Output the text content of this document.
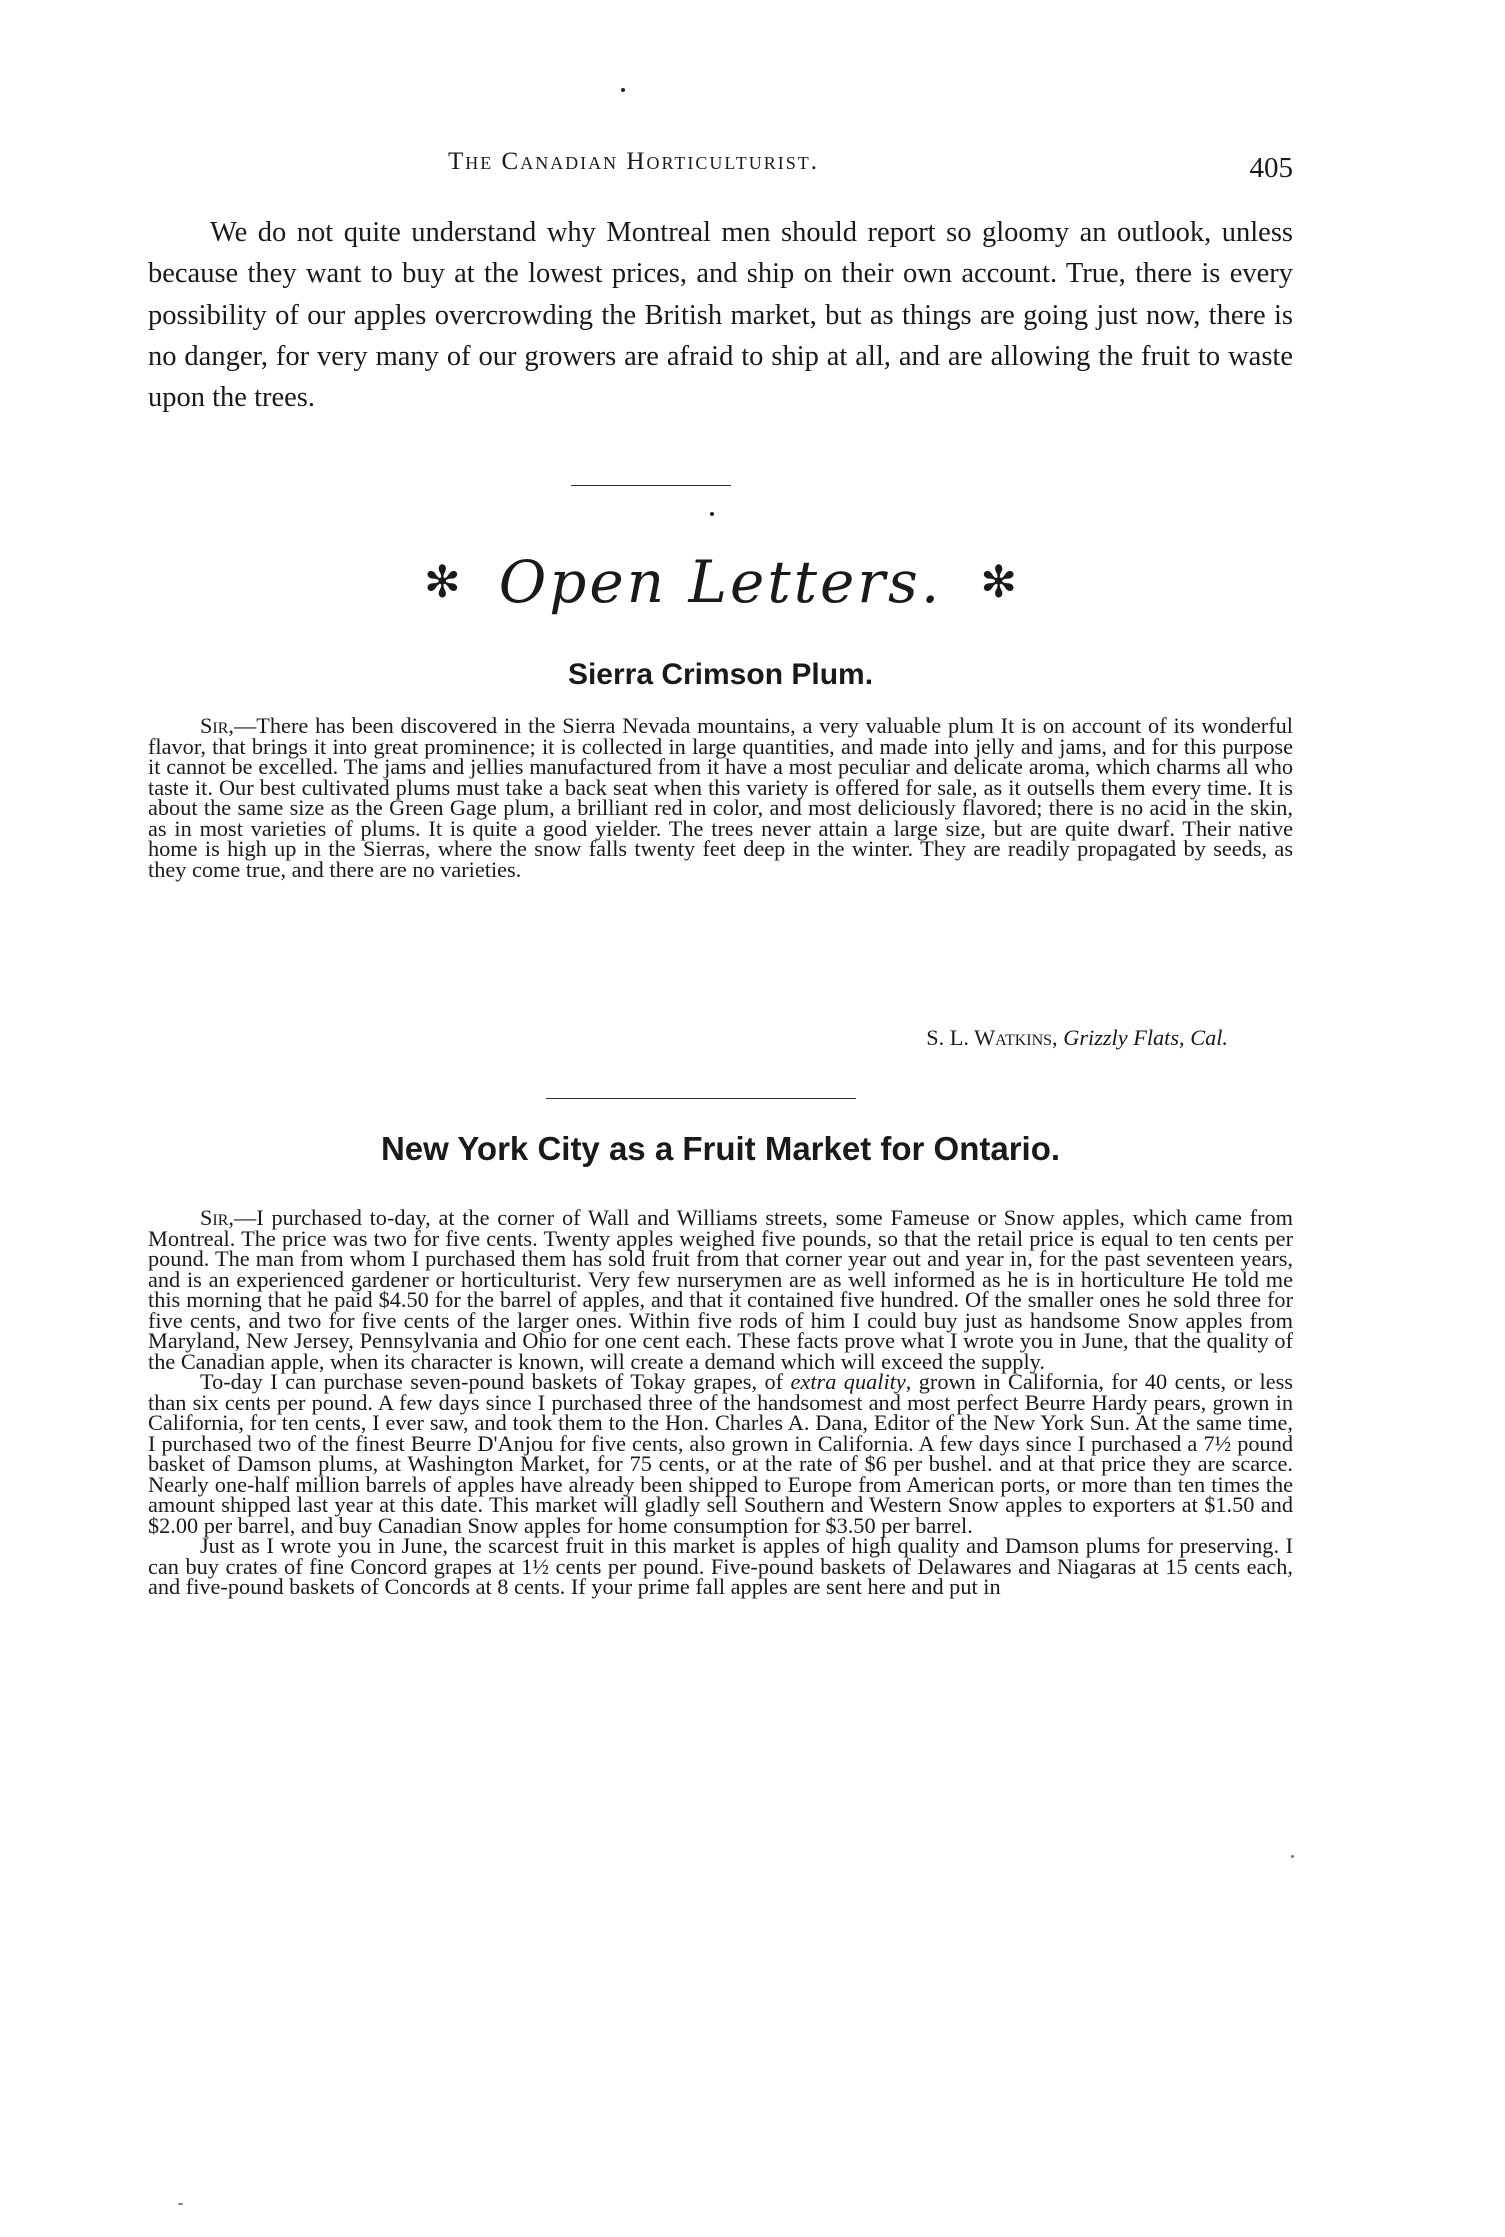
The Canadian Horticulturist.	405

We do not quite understand why Montreal men should report so gloomy an outlook, unless because they want to buy at the lowest prices, and ship on their own account. True, there is every possibility of our apples overcrowding the British market, but as things are going just now, there is no danger, for very many of our growers are afraid to ship at all, and are allowing the fruit to waste upon the trees.

✻ Open Letters. ✻
Sierra Crimson Plum.

Sir,—There has been discovered in the Sierra Nevada mountains, a very valuable plum It is on account of its wonderful flavor, that brings it into great prominence; it is collected in large quantities, and made into jelly and jams, and for this purpose it cannot be excelled. The jams and jellies manufactured from it have a most peculiar and delicate aroma, which charms all who taste it. Our best cultivated plums must take a back seat when this variety is offered for sale, as it outsells them every time. It is about the same size as the Green Gage plum, a brilliant red in color, and most deliciously flavored; there is no acid in the skin, as in most varieties of plums. It is quite a good yielder. The trees never attain a large size, but are quite dwarf. Their native home is high up in the Sierras, where the snow falls twenty feet deep in the winter. They are readily propagated by seeds, as they come true, and there are no varieties.

S. L. Watkins, Grizzly Flats, Cal.

New York City as a Fruit Market for Ontario.

Sir,—I purchased to-day, at the corner of Wall and Williams streets, some Fameuse or Snow apples, which came from Montreal. The price was two for five cents. Twenty apples weighed five pounds, so that the retail price is equal to ten cents per pound. The man from whom I purchased them has sold fruit from that corner year out and year in, for the past seventeen years, and is an experienced gardener or horticulturist. Very few nurserymen are as well informed as he is in horticulture He told me this morning that he paid $4.50 for the barrel of apples, and that it contained five hundred. Of the smaller ones he sold three for five cents, and two for five cents of the larger ones. Within five rods of him I could buy just as handsome Snow apples from Maryland, New Jersey, Pennsylvania and Ohio for one cent each. These facts prove what I wrote you in June, that the quality of the Canadian apple, when its character is known, will create a demand which will exceed the supply.

To-day I can purchase seven-pound baskets of Tokay grapes, of extra quality, grown in California, for 40 cents, or less than six cents per pound. A few days since I purchased three of the handsomest and most perfect Beurre Hardy pears, grown in California, for ten cents, I ever saw, and took them to the Hon. Charles A. Dana, Editor of the New York Sun. At the same time, I purchased two of the finest Beurre D'Anjou for five cents, also grown in California. A few days since I purchased a 7½ pound basket of Damson plums, at Washington Market, for 75 cents, or at the rate of $6 per bushel. and at that price they are scarce. Nearly one-half million barrels of apples have already been shipped to Europe from American ports, or more than ten times the amount shipped last year at this date. This market will gladly sell Southern and Western Snow apples to exporters at $1.50 and $2.00 per barrel, and buy Canadian Snow apples for home consumption for $3.50 per barrel.

Just as I wrote you in June, the scarcest fruit in this market is apples of high quality and Damson plums for preserving. I can buy crates of fine Concord grapes at 1½ cents per pound. Five-pound baskets of Delawares and Niagaras at 15 cents each, and five-pound baskets of Concords at 8 cents. If your prime fall apples are sent here and put in
